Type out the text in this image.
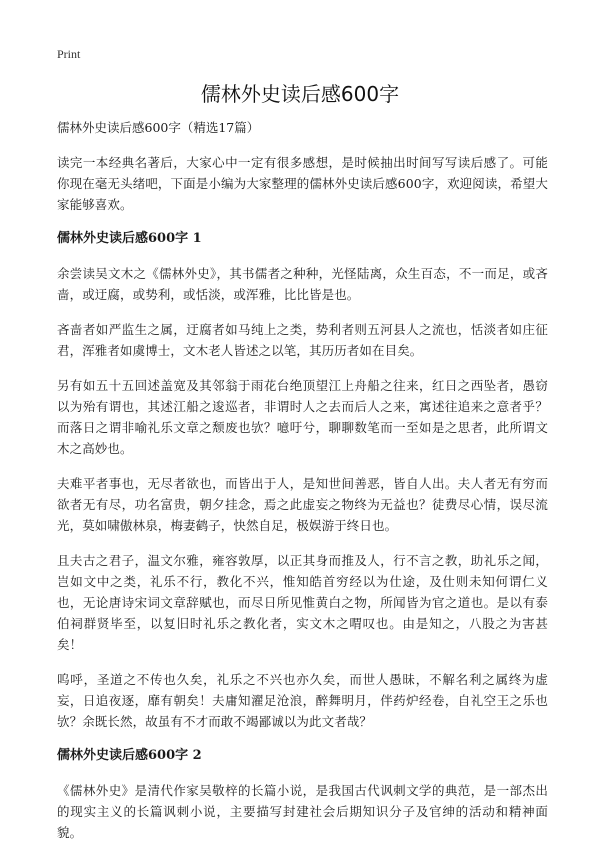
Print
儒林外史读后感600字
儒林外史读后感600字（精选17篇）

读完一本经典名著后，大家心中一定有很多感想，是时候抽出时间写写读后感了。可能你现在毫无头绪吧，下面是小编为大家整理的儒林外史读后感600字，欢迎阅读，希望大家能够喜欢。

儒林外史读后感600字 1

余尝读吴文木之《儒林外史》，其书儒者之种种，光怪陆离，众生百态，不一而足，或吝啬，或迂腐，或势利，或恬淡，或浑雅，比比皆是也。

吝啬者如严监生之属，迂腐者如马纯上之类，势利者则五河县人之流也，恬淡者如庄征君，浑雅者如虞博士，文木老人皆述之以笔，其历历者如在目矣。

另有如五十五回述盖宽及其邻翁于雨花台绝顶望江上舟船之往来，红日之西坠者，愚窃以为殆有谓也，其述江船之逡巡者，非谓时人之去而后人之来，寓述往追来之意者乎？而落日之谓非喻礼乐文章之颓废也欤？噫吁兮，聊聊数笔而一至如是之思者，此所谓文木之高妙也。

夫难平者事也，无尽者欲也，而皆出于人，是知世间善恶，皆自人出。夫人者无有穷而欲者无有尽，功名富贵，朝夕挂念，焉之此虚妄之物终为无益也？徒费尽心情，误尽流光，莫如啸傲林泉，梅妻鹤子，快然自足，极娱游于终日也。

且夫古之君子，温文尔雅，雍容敦厚，以正其身而推及人，行不言之教，助礼乐之闻，岂如文中之类，礼乐不行，教化不兴，惟知皓首穷经以为仕途，及仕则未知何谓仁义也，无论唐诗宋词文章辞赋也，而尽日所见惟黄白之物，所闻皆为官之道也。是以有泰伯祠群贤毕至，以复旧时礼乐之教化者，实文木之喟叹也。由是知之，八股之为害甚矣！

呜呼，圣道之不传也久矣，礼乐之不兴也亦久矣，而世人愚昧，不解名利之属终为虚妄，日追夜逐，靡有朝矣！夫庸知濯足沧浪，醉舞明月，伴药炉经卷，自礼空王之乐也欤？余既长然，故虽有不才而敢不竭鄙诚以为此文者哉？

儒林外史读后感600字 2

《儒林外史》是清代作家吴敬梓的长篇小说，是我国古代讽刺文学的典范，是一部杰出的现实主义的长篇讽刺小说，主要描写封建社会后期知识分子及官绅的活动和精神面貌。
